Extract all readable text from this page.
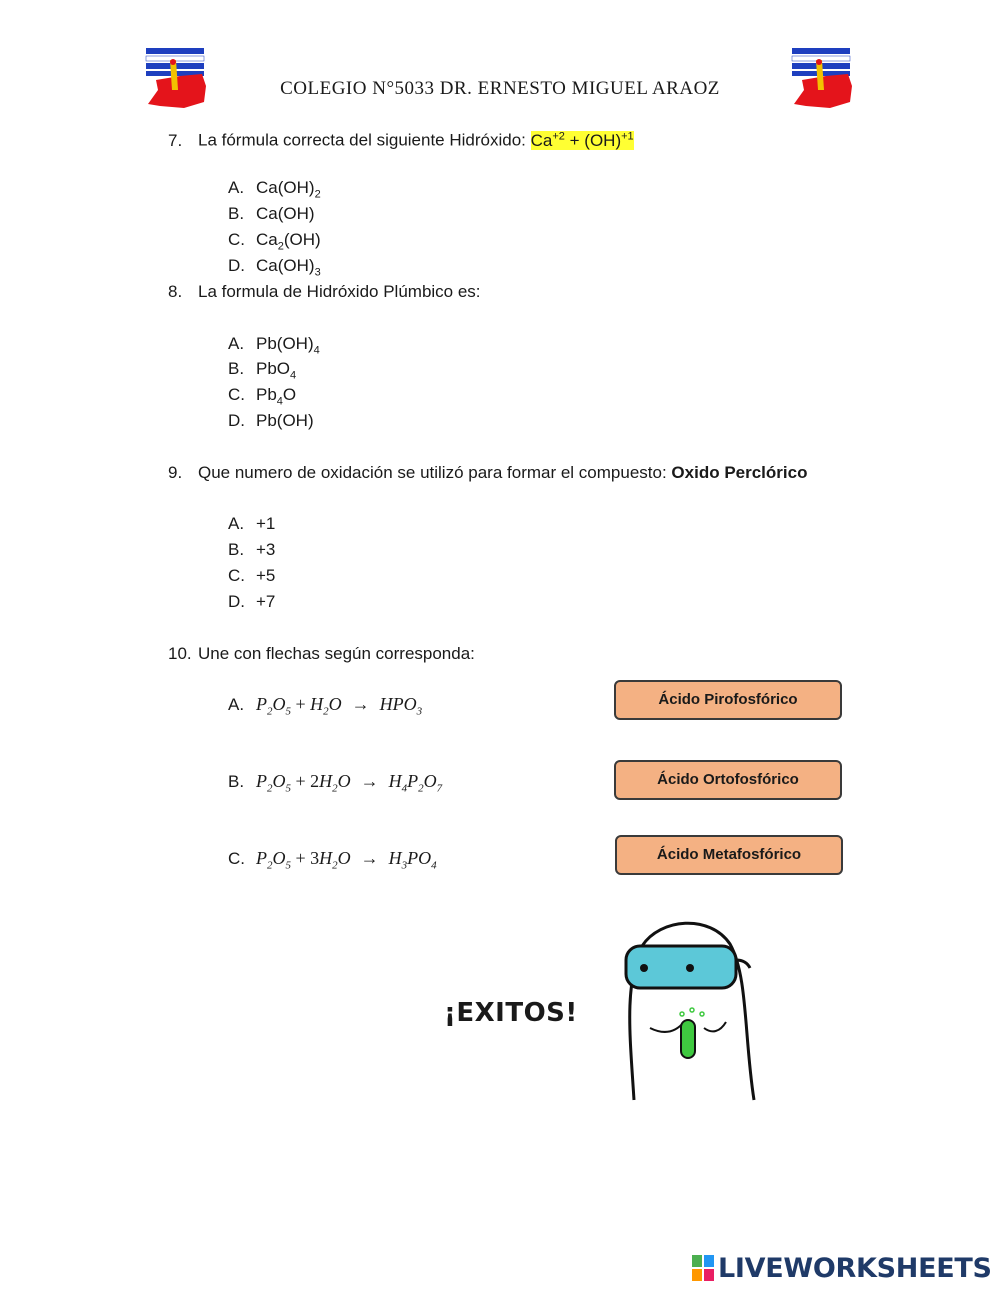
COLEGIO N°5033 DR. ERNESTO MIGUEL ARAOZ
7. La fórmula correcta del siguiente Hidróxido: $Ca^{+2} + (OH)^{+1}$
A. $Ca(OH)_2$
B. Ca(OH)
C. $Ca_2(OH)$
D. $Ca(OH)_3$
8. La formula de Hidróxido Plúmbico es:
A. $Pb(OH)_4$
B. PbO$_4$
C. $Pb_4O$
D. Pb(OH)
9. Que numero de oxidación se utilizó para formar el compuesto: Oxido Perclórico
A. +1
B. +3
C. +5
D. +7
10. Une con flechas según corresponda:
A. $P_2O_5 + H_2O \to HPO_3$
B. $P_2O_5 + 2H_2O \to H_4P_2O_7$
C. $P_2O_5 + 3H_2O \to H_3PO_4$
Ácido Pirofosfórico
Ácido Ortofosfórico
Ácido Metafosfórico
¡EXITOS!
LIVEWORKSHEETS
